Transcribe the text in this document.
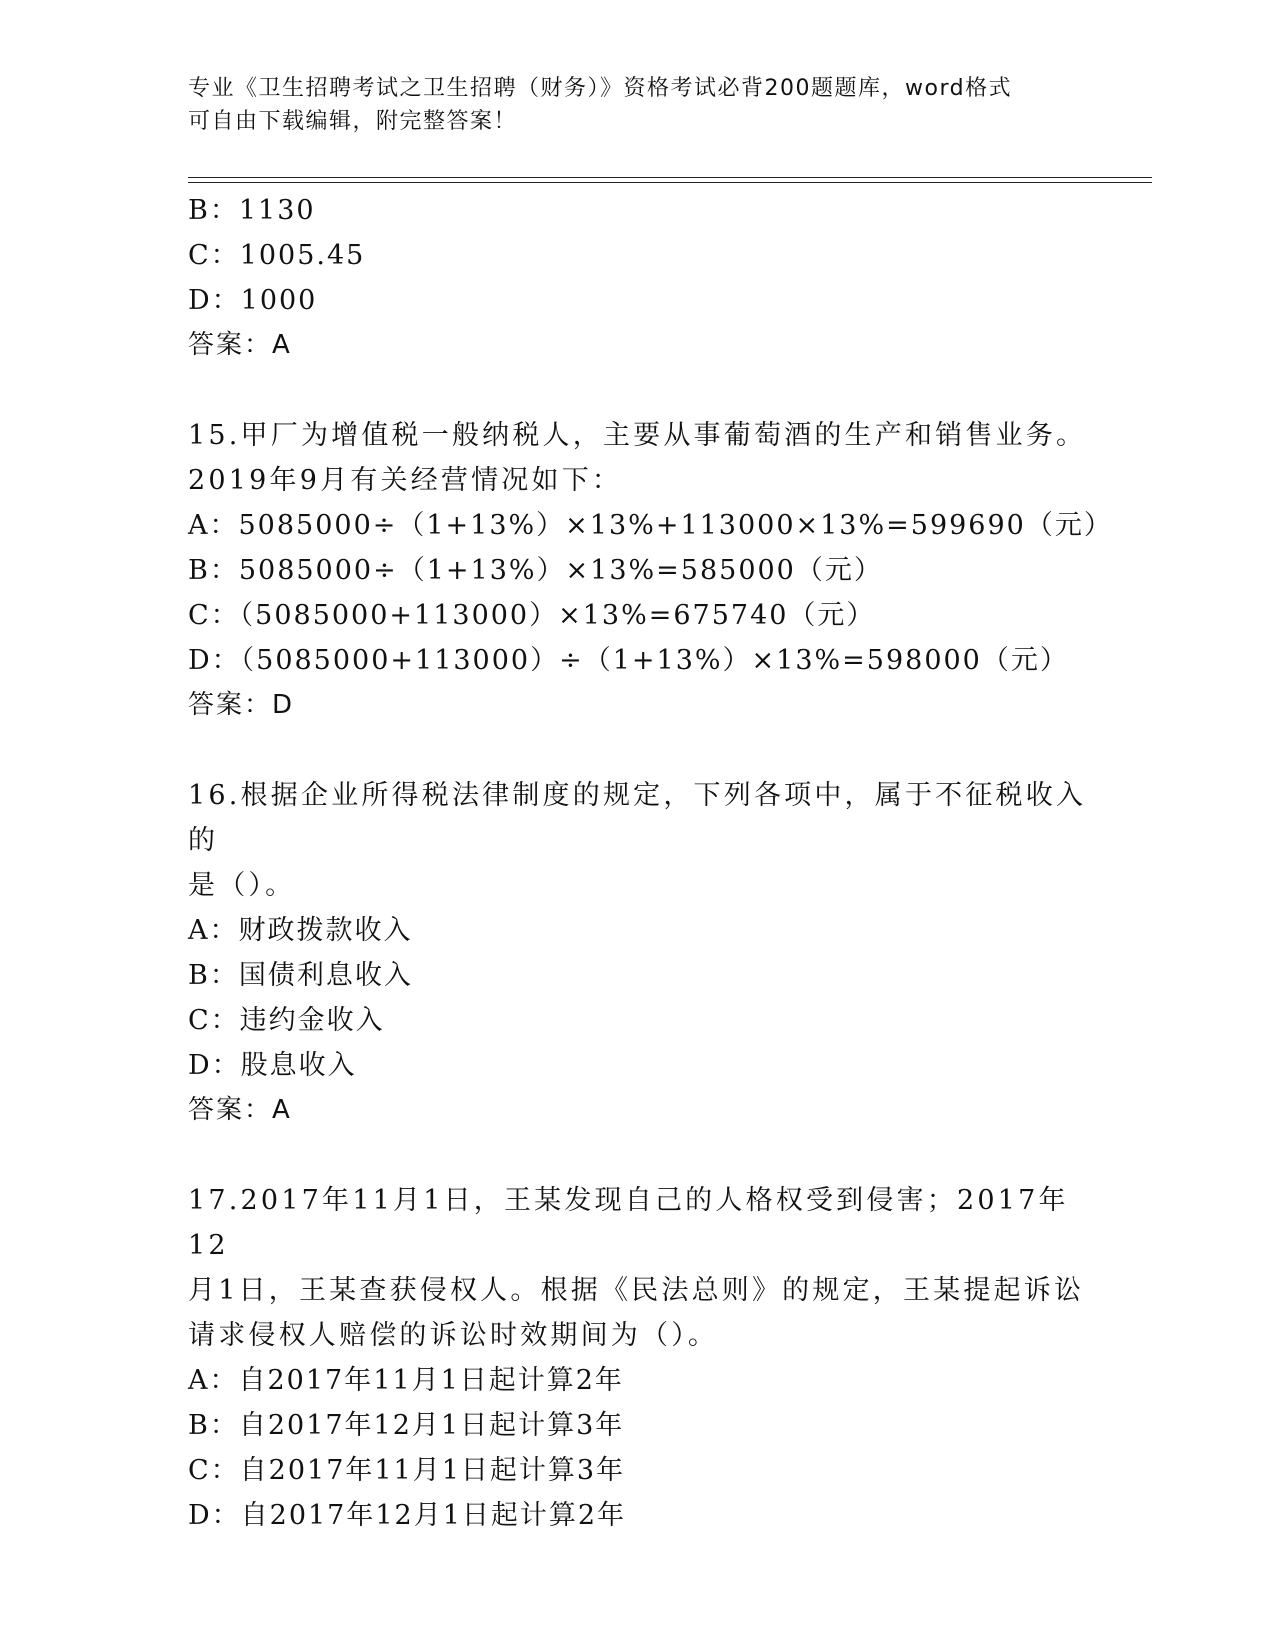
专业《卫生招聘考试之卫生招聘（财务）》资格考试必背200题题库，word格式
可自由下载编辑，附完整答案！
B：1130
C：1005.45
D：1000
答案：A
15.甲厂为增值税一般纳税人，主要从事葡萄酒的生产和销售业务。
2019年9月有关经营情况如下：
A：5085000÷（1+13%）×13%+113000×13%=599690（元）
B：5085000÷（1+13%）×13%=585000（元）
C：（5085000+113000）×13%=675740（元）
D：（5085000+113000）÷（1+13%）×13%=598000（元）
答案：D
16.根据企业所得税法律制度的规定，下列各项中，属于不征税收入的
是（）。
A：财政拨款收入
B：国债利息收入
C：违约金收入
D：股息收入
答案：A
17.2017年11月1日，王某发现自己的人格权受到侵害；2017年12
月1日，王某查获侵权人。根据《民法总则》的规定，王某提起诉讼
请求侵权人赔偿的诉讼时效期间为（）。
A：自2017年11月1日起计算2年
B：自2017年12月1日起计算3年
C：自2017年11月1日起计算3年
D：自2017年12月1日起计算2年
